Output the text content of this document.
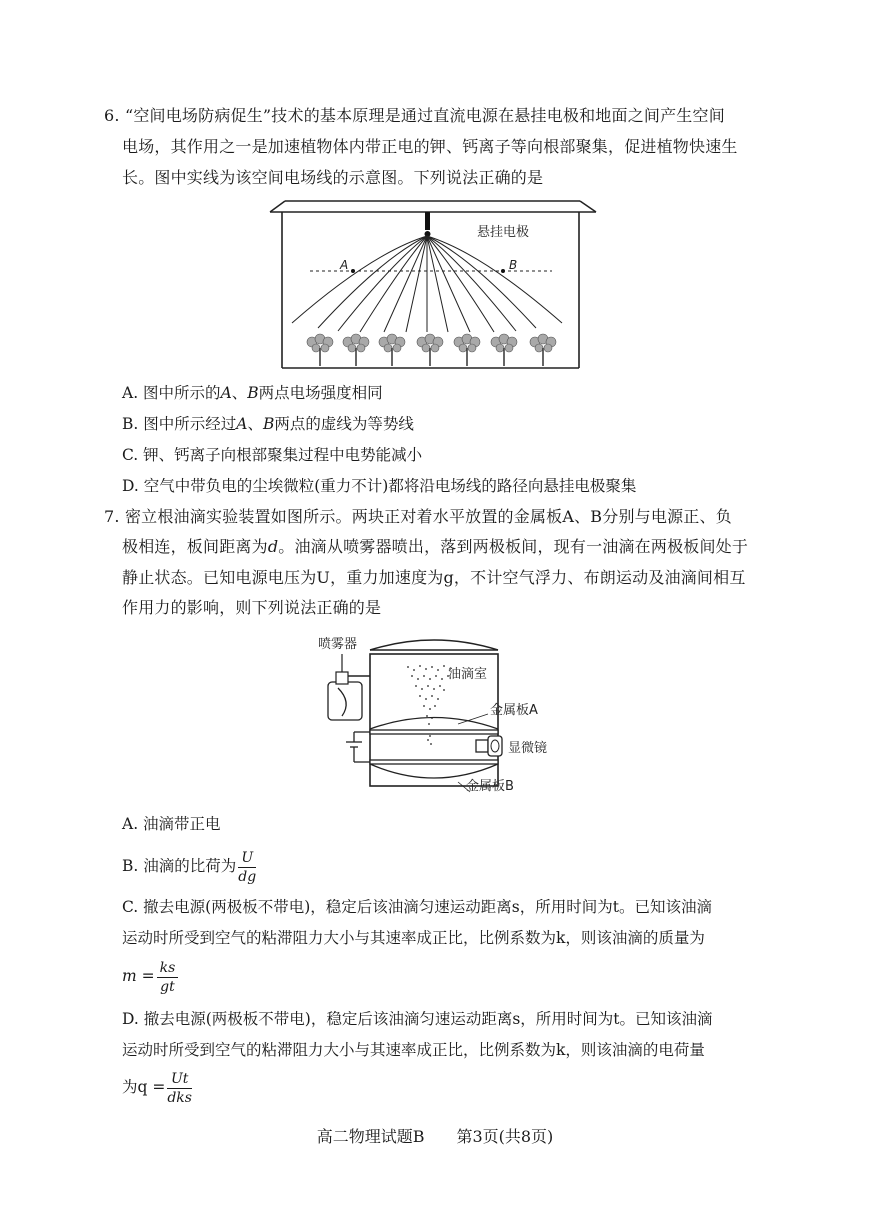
6. “空间电场防病促生”技术的基本原理是通过直流电源在悬挂电极和地面之间产生空间
电场，其作用之一是加速植物体内带正电的钾、钙离子等向根部聚集，促进植物快速生
长。图中实线为该空间电场线的示意图。下列说法正确的是
悬挂电极
A	B
A. 图中所示的A、B两点电场强度相同
B. 图中所示经过A、B两点的虚线为等势线
C. 钾、钙离子向根部聚集过程中电势能减小
D. 空气中带负电的尘埃微粒(重力不计)都将沿电场线的路径向悬挂电极聚集
7. 密立根油滴实验装置如图所示。两块正对着水平放置的金属板A、B分别与电源正、负
极相连，板间距离为d。油滴从喷雾器喷出，落到两极板间，现有一油滴在两极板间处于
静止状态。已知电源电压为U，重力加速度为g，不计空气浮力、布朗运动及油滴间相互
作用力的影响，则下列说法正确的是
喷雾器
油滴室
金属板A
金属板B
显微镜
A. 油滴带正电
B. 油滴的比荷为 $\frac{U}{dg}$
C. 撤去电源(两极板不带电)，稳定后该油滴匀速运动距离s，所用时间为t。已知该油滴
运动时所受到空气的粘滞阻力大小与其速率成正比，比例系数为k，则该油滴的质量为
$m = \frac{ks}{gt}$
D. 撤去电源(两极板不带电)，稳定后该油滴匀速运动距离s，所用时间为t。已知该油滴
运动时所受到空气的粘滞阻力大小与其速率成正比，比例系数为k，则该油滴的电荷量
为$q = \frac{Ut}{\text{dks}}$
高二物理试题B　　第3页(共8页)
